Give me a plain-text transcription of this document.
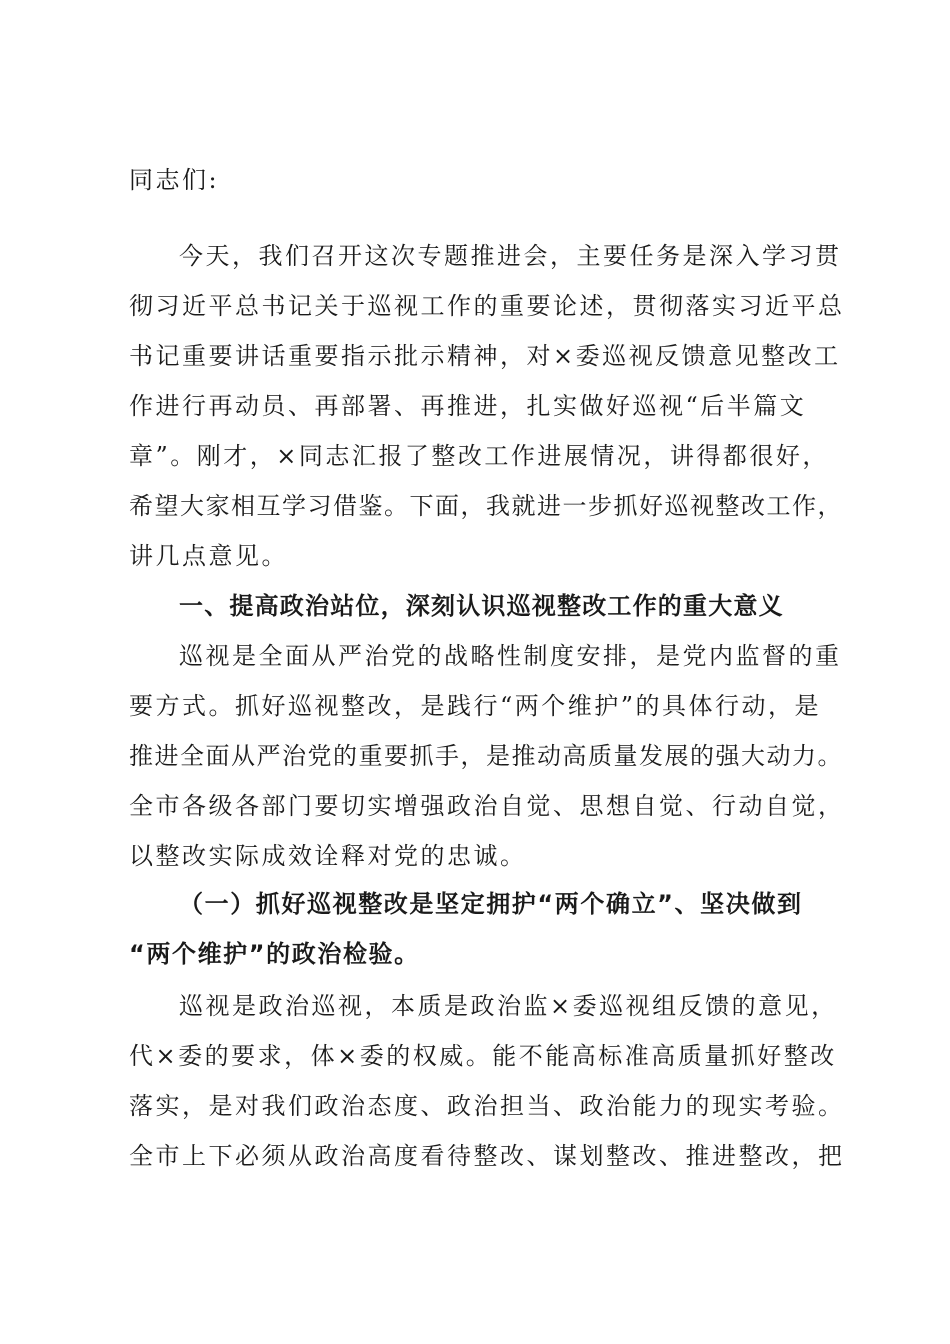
同志们:
今天，我们召开这次专题推进会，主要任务是深入学习贯
彻习近平总书记关于巡视工作的重要论述，贯彻落实习近平总
书记重要讲话重要指示批示精神，对×委巡视反馈意见整改工
作进行再动员、再部署、再推进，扎实做好巡视“后半篇文
章”。刚才，×同志汇报了整改工作进展情况，讲得都很好，
希望大家相互学习借鉴。下面，我就进一步抓好巡视整改工作，
讲几点意见。
一、提高政治站位，深刻认识巡视整改工作的重大意义
巡视是全面从严治党的战略性制度安排，是党内监督的重
要方式。抓好巡视整改，是践行“两个维护”的具体行动，是
推进全面从严治党的重要抓手，是推动高质量发展的强大动力。
全市各级各部门要切实增强政治自觉、思想自觉、行动自觉，
以整改实际成效诠释对党的忠诚。
（一）抓好巡视整改是坚定拥护“两个确立”、坚决做到
“两个维护”的政治检验。
巡视是政治巡视，本质是政治监×委巡视组反馈的意见，
代×委的要求，体×委的权威。能不能高标准高质量抓好整改
落实，是对我们政治态度、政治担当、政治能力的现实考验。
全市上下必须从政治高度看待整改、谋划整改、推进整改，把
